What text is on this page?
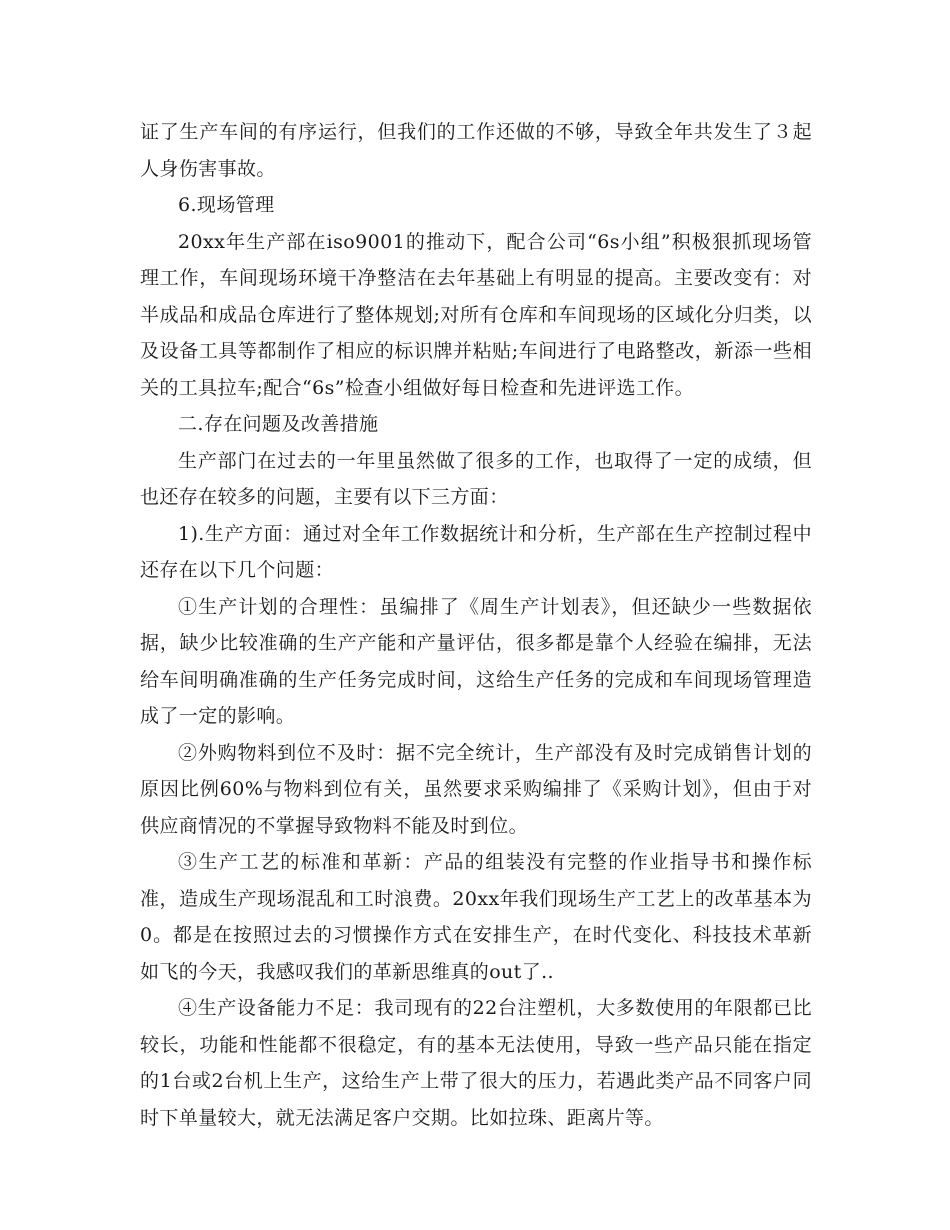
证了生产车间的有序运行，但我们的工作还做的不够，导致全年共发生了３起人身伤害事故。

6.现场管理

20xx年生产部在iso9001的推动下，配合公司“6s小组”积极狠抓现场管理工作，车间现场环境干净整洁在去年基础上有明显的提高。主要改变有：对半成品和成品仓库进行了整体规划;对所有仓库和车间现场的区域化分归类，以及设备工具等都制作了相应的标识牌并粘贴;车间进行了电路整改，新添一些相关的工具拉车;配合“6s”检查小组做好每日检查和先进评选工作。

二.存在问题及改善措施

生产部门在过去的一年里虽然做了很多的工作，也取得了一定的成绩，但也还存在较多的问题，主要有以下三方面：

1).生产方面：通过对全年工作数据统计和分析，生产部在生产控制过程中还存在以下几个问题：

①生产计划的合理性：虽编排了《周生产计划表》，但还缺少一些数据依据，缺少比较准确的生产产能和产量评估，很多都是靠个人经验在编排，无法给车间明确准确的生产任务完成时间，这给生产任务的完成和车间现场管理造成了一定的影响。

②外购物料到位不及时：据不完全统计，生产部没有及时完成销售计划的原因比例60%与物料到位有关，虽然要求采购编排了《采购计划》，但由于对供应商情况的不掌握导致物料不能及时到位。

③生产工艺的标准和革新：产品的组装没有完整的作业指导书和操作标准，造成生产现场混乱和工时浪费。20xx年我们现场生产工艺上的改革基本为0。都是在按照过去的习惯操作方式在安排生产，在时代变化、科技技术革新如飞的今天，我感叹我们的革新思维真的out了..

④生产设备能力不足：我司现有的22台注塑机，大多数使用的年限都已比较长，功能和性能都不很稳定，有的基本无法使用，导致一些产品只能在指定的1台或2台机上生产，这给生产上带了很大的压力，若遇此类产品不同客户同时下单量较大，就无法满足客户交期。比如拉珠、距离片等。
